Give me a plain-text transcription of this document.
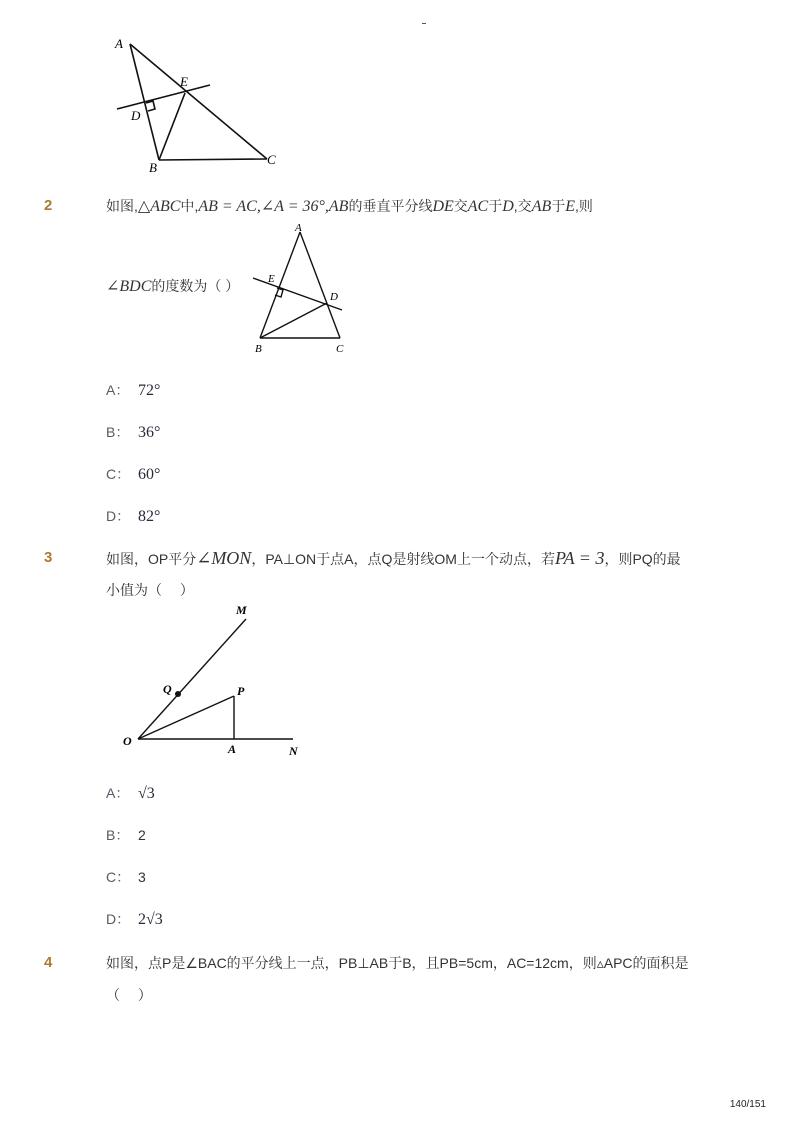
A
E
D
B
C
2	如图,△ABC中,AB = AC,∠A = 36°,AB的垂直平分线DE交AC于D,交AB于E,则
∠BDC的度数为（ ）
A
E
D
B	C
A： 72°
B： 36°
C： 60°
D： 82°
3	如图，OP平分∠MON，PA⊥ON于点A，点Q是射线OM上一个动点，若PA = 3，则PQ的最
小值为（　 ）
M
Q	P
O
A	N
A： √3
B： 2
C： 3
D： 2√3
4	如图，点P是∠BAC的平分线上一点，PB⊥AB于B，且PB=5cm，AC=12cm，则▵APC的面积是
（　 ）
140/151
